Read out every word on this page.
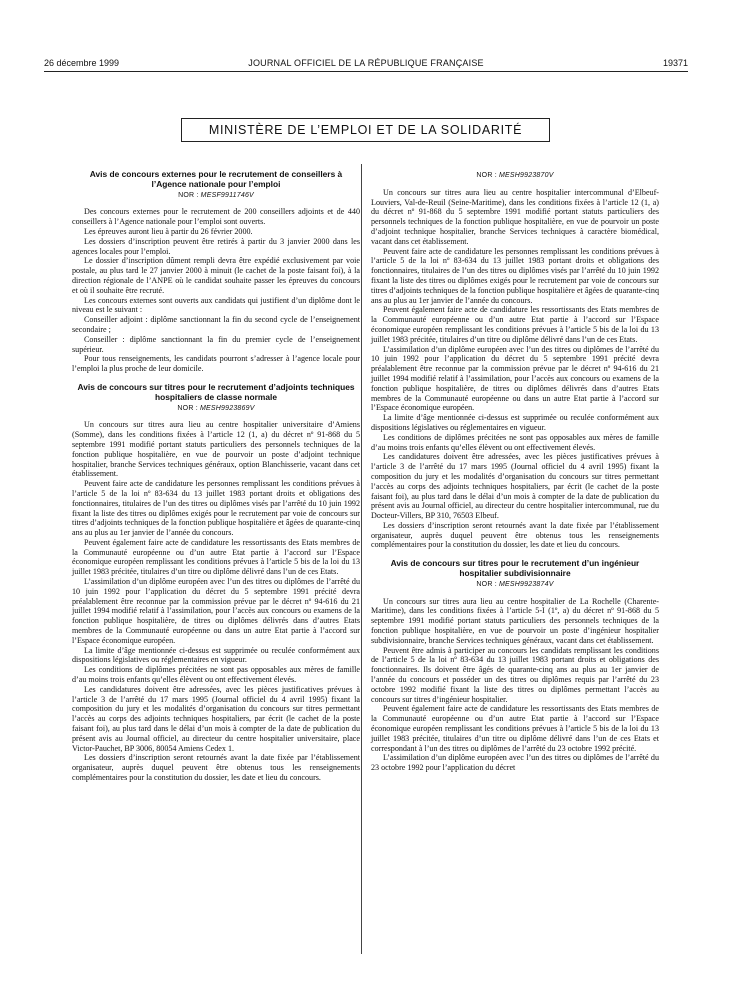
26 décembre 1999	JOURNAL OFFICIEL DE LA RÉPUBLIQUE FRANÇAISE	19371
MINISTÈRE DE L’EMPLOI ET DE LA SOLIDARITÉ

Avis de concours externes pour le recrutement de conseillers à l’Agence nationale pour l’emploi

NOR : MESF9911746V

Des concours externes pour le recrutement de 200 conseillers adjoints et de 440 conseillers à l’Agence nationale pour l’emploi sont ouverts.

Les épreuves auront lieu à partir du 26 février 2000.

Les dossiers d’inscription peuvent être retirés à partir du 3 janvier 2000 dans les agences locales pour l’emploi.

Le dossier d’inscription dûment rempli devra être expédié exclusivement par voie postale, au plus tard le 27 janvier 2000 à minuit (le cachet de la poste faisant foi), à la direction régionale de l’ANPE où le candidat souhaite passer les épreuves du concours et où il souhaite être recruté.

Les concours externes sont ouverts aux candidats qui justifient d’un diplôme dont le niveau est le suivant :

Conseiller adjoint : diplôme sanctionnant la fin du second cycle de l’enseignement secondaire ;

Conseiller : diplôme sanctionnant la fin du premier cycle de l’enseignement supérieur.

Pour tous renseignements, les candidats pourront s’adresser à l’agence locale pour l’emploi la plus proche de leur domicile.

Avis de concours sur titres pour le recrutement d’adjoints techniques hospitaliers de classe normale

NOR : MESH9923869V

Un concours sur titres aura lieu au centre hospitalier universitaire d’Amiens (Somme), dans les conditions fixées à l’article 12 (1, a) du décret nº 91-868 du 5 septembre 1991 modifié portant statuts particuliers des personnels techniques de la fonction publique hospitalière, en vue de pourvoir un poste d’adjoint technique hospitalier, branche Services techniques généraux, option Blanchisserie, vacant dans cet établissement.

Peuvent faire acte de candidature les personnes remplissant les conditions prévues à l’article 5 de la loi nº 83-634 du 13 juillet 1983 portant droits et obligations des fonctionnaires, titulaires de l’un des titres ou diplômes visés par l’arrêté du 10 juin 1992 fixant la liste des titres ou diplômes exigés pour le recrutement par voie de concours sur titres d’adjoints techniques de la fonction publique hospitalière et âgées de quarante-cinq ans au plus au 1er janvier de l’année du concours.

Peuvent également faire acte de candidature les ressortissants des Etats membres de la Communauté européenne ou d’un autre Etat partie à l’accord sur l’Espace économique européen remplissant les conditions prévues à l’article 5 bis de la loi du 13 juillet 1983 précitée, titulaires d’un titre ou diplôme délivré dans l’un de ces Etats.

L’assimilation d’un diplôme européen avec l’un des titres ou diplômes de l’arrêté du 10 juin 1992 pour l’application du décret du 5 septembre 1991 précité devra préalablement être reconnue par la commission prévue par le décret nº 94-616 du 21 juillet 1994 modifié relatif à l’assimilation, pour l’accès aux concours ou examens de la fonction publique hospitalière, de titres ou diplômes délivrés dans d’autres Etats membres de la Communauté européenne ou dans un autre Etat partie à l’accord sur l’Espace économique européen.

La limite d’âge mentionnée ci-dessus est supprimée ou reculée conformément aux dispositions législatives ou réglementaires en vigueur.

Les conditions de diplômes précitées ne sont pas opposables aux mères de famille d’au moins trois enfants qu’elles élèvent ou ont effectivement élevés.

Les candidatures doivent être adressées, avec les pièces justificatives prévues à l’article 3 de l’arrêté du 17 mars 1995 (Journal officiel du 4 avril 1995) fixant la composition du jury et les modalités d’organisation du concours sur titres permettant l’accès au corps des adjoints techniques hospitaliers, par écrit (le cachet de la poste faisant foi), au plus tard dans le délai d’un mois à compter de la date de publication du présent avis au Journal officiel, au directeur du centre hospitalier universitaire, place Victor-Pauchet, BP 3006, 80054 Amiens Cedex 1.

Les dossiers d’inscription seront retournés avant la date fixée par l’établissement organisateur, auprès duquel peuvent être obtenus tous les renseignements complémentaires pour la constitution du dossier, les date et lieu du concours.

NOR : MESH9923870V

Un concours sur titres aura lieu au centre hospitalier intercommunal d’Elbeuf-Louviers, Val-de-Reuil (Seine-Maritime), dans les conditions fixées à l’article 12 (1, a) du décret nº 91-868 du 5 septembre 1991 modifié portant statuts particuliers des personnels techniques de la fonction publique hospitalière, en vue de pourvoir un poste d’adjoint technique hospitalier, branche Services techniques à caractère biomédical, vacant dans cet établissement.

Peuvent faire acte de candidature les personnes remplissant les conditions prévues à l’article 5 de la loi nº 83-634 du 13 juillet 1983 portant droits et obligations des fonctionnaires, titulaires de l’un des titres ou diplômes visés par l’arrêté du 10 juin 1992 fixant la liste des titres ou diplômes exigés pour le recrutement par voie de concours sur titres d’adjoints techniques de la fonction publique hospitalière et âgées de quarante-cinq ans au plus au 1er janvier de l’année du concours.

Peuvent également faire acte de candidature les ressortissants des Etats membres de la Communauté européenne ou d’un autre Etat partie à l’accord sur l’Espace économique européen remplissant les conditions prévues à l’article 5 bis de la loi du 13 juillet 1983 précitée, titulaires d’un titre ou diplôme délivré dans l’un de ces Etats.

L’assimilation d’un diplôme européen avec l’un des titres ou diplômes de l’arrêté du 10 juin 1992 pour l’application du décret du 5 septembre 1991 précité devra préalablement être reconnue par la commission prévue par le décret nº 94-616 du 21 juillet 1994 modifié relatif à l’assimilation, pour l’accès aux concours ou examens de la fonction publique hospitalière, de titres ou diplômes délivrés dans d’autres Etats membres de la Communauté européenne ou dans un autre Etat partie à l’accord sur l’Espace économique européen.

La limite d’âge mentionnée ci-dessus est supprimée ou reculée conformément aux dispositions législatives ou réglementaires en vigueur.

Les conditions de diplômes précitées ne sont pas opposables aux mères de famille d’au moins trois enfants qu’elles élèvent ou ont effectivement élevés.

Les candidatures doivent être adressées, avec les pièces justificatives prévues à l’article 3 de l’arrêté du 17 mars 1995 (Journal officiel du 4 avril 1995) fixant la composition du jury et les modalités d’organisation du concours sur titres permettant l’accès au corps des adjoints techniques hospitaliers, par écrit (le cachet de la poste faisant foi), au plus tard dans le délai d’un mois à compter de la date de publication du présent avis au Journal officiel, au directeur du centre hospitalier intercommunal, rue du Docteur-Villers, BP 310, 76503 Elbeuf.

Les dossiers d’inscription seront retournés avant la date fixée par l’établissement organisateur, auprès duquel peuvent être obtenus tous les renseignements complémentaires pour la constitution du dossier, les date et lieu du concours.

Avis de concours sur titres pour le recrutement d’un ingénieur hospitalier subdivisionnaire

NOR : MESH9923874V

Un concours sur titres aura lieu au centre hospitalier de La Rochelle (Charente-Maritime), dans les conditions fixées à l’article 5-I (1º, a) du décret nº 91-868 du 5 septembre 1991 modifié portant statuts particuliers des personnels techniques de la fonction publique hospitalière, en vue de pourvoir un poste d’ingénieur hospitalier subdivisionnaire, branche Services techniques généraux, vacant dans cet établissement.

Peuvent être admis à participer au concours les candidats remplissant les conditions de l’article 5 de la loi nº 83-634 du 13 juillet 1983 portant droits et obligations des fonctionnaires. Ils doivent être âgés de quarante-cinq ans au plus au 1er janvier de l’année du concours et posséder un des titres ou diplômes requis par l’arrêté du 23 octobre 1992 modifié fixant la liste des titres ou diplômes permettant l’accès au concours sur titres d’ingénieur hospitalier.

Peuvent également faire acte de candidature les ressortissants des Etats membres de la Communauté européenne ou d’un autre Etat partie à l’accord sur l’Espace économique européen remplissant les conditions prévues à l’article 5 bis de la loi du 13 juillet 1983 précitée, titulaires d’un titre ou diplôme délivré dans l’un de ces Etats et correspondant à l’un des titres ou diplômes de l’arrêté du 23 octobre 1992 précité.

L’assimilation d’un diplôme européen avec l’un des titres ou diplômes de l’arrêté du 23 octobre 1992 pour l’application du décret
